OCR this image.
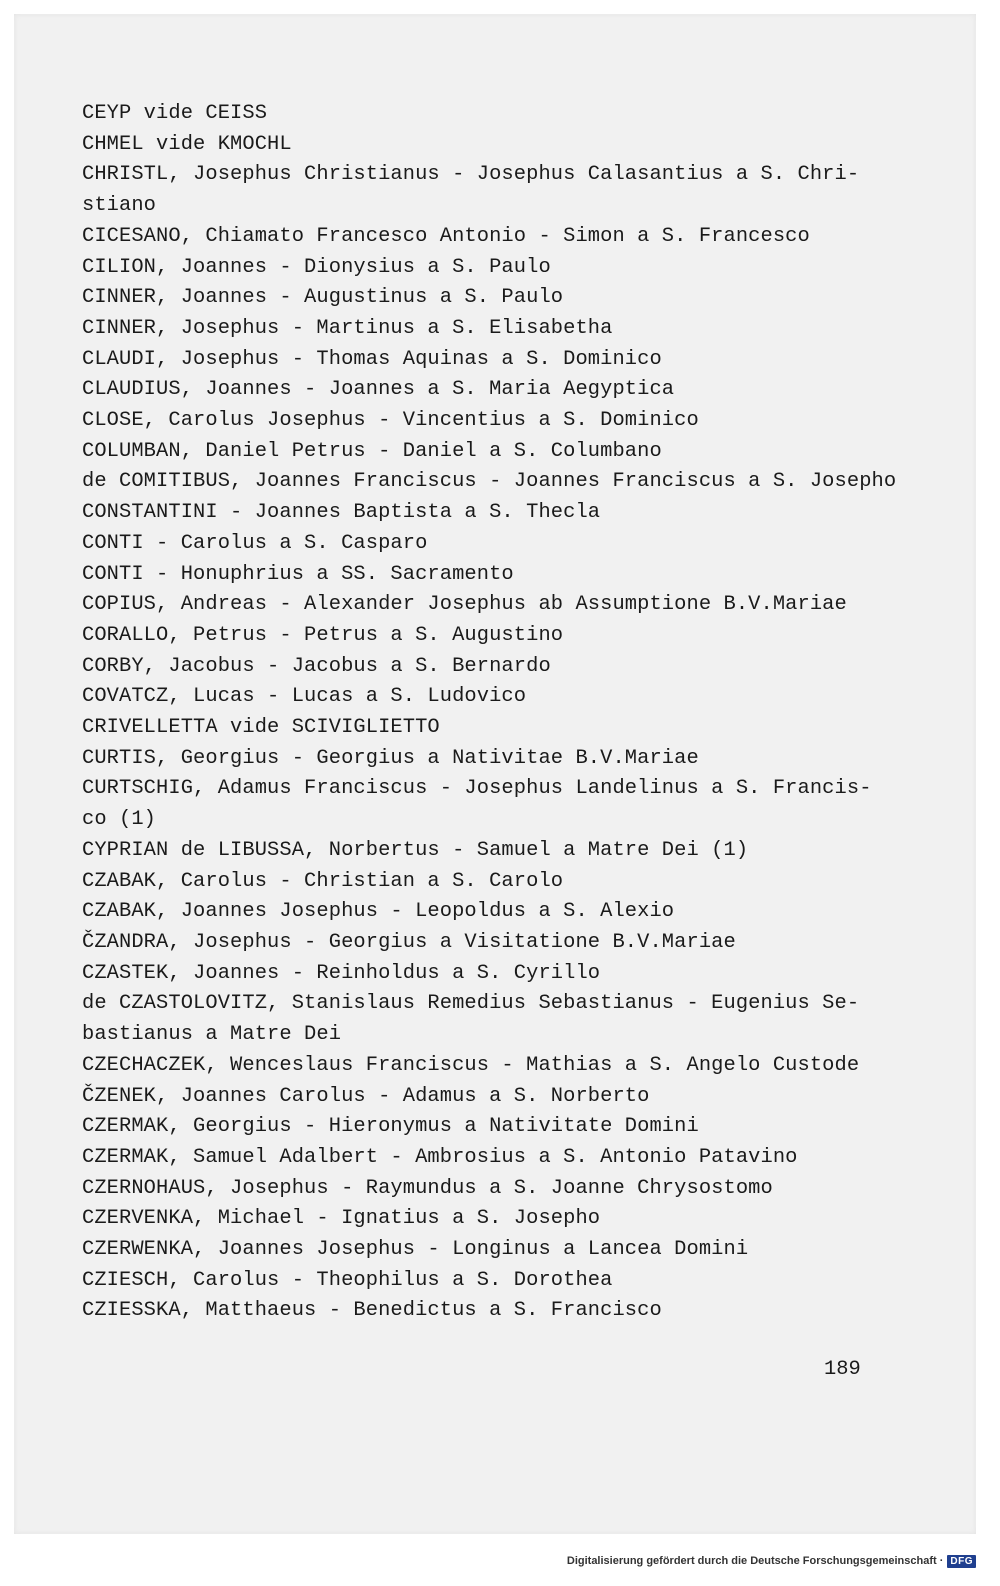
CEYP vide CEISS
CHMEL vide KMOCHL
CHRISTL, Josephus Christianus - Josephus Calasantius a S. Chri-
stiano
CICESANO, Chiamato Francesco Antonio - Simon a S. Francesco
CILION, Joannes - Dionysius a S. Paulo
CINNER, Joannes - Augustinus a S. Paulo
CINNER, Josephus - Martinus a S. Elisabetha
CLAUDI, Josephus - Thomas Aquinas a S. Dominico
CLAUDIUS, Joannes - Joannes a S. Maria Aegyptica
CLOSE, Carolus Josephus - Vincentius a S. Dominico
COLUMBAN, Daniel Petrus - Daniel a S. Columbano
de COMITIBUS, Joannes Franciscus - Joannes Franciscus a S. Josepho
CONSTANTINI - Joannes Baptista a S. Thecla
CONTI - Carolus a S. Casparo
CONTI - Honuphrius a SS. Sacramento
COPIUS, Andreas - Alexander Josephus ab Assumptione B.V.Mariae
CORALLO, Petrus - Petrus a S. Augustino
CORBY, Jacobus - Jacobus a S. Bernardo
COVATCZ, Lucas - Lucas a S. Ludovico
CRIVELLETTA vide SCIVIGLIETTO
CURTIS, Georgius - Georgius a Nativitae B.V.Mariae
CURTSCHIG, Adamus Franciscus - Josephus Landelinus a S. Francis-
co (1)
CYPRIAN de LIBUSSA, Norbertus - Samuel a Matre Dei (1)
CZABAK, Carolus - Christian a S. Carolo
CZABAK, Joannes Josephus - Leopoldus a S. Alexio
ČZANDRA, Josephus - Georgius a Visitatione B.V.Mariae
CZASTEK, Joannes - Reinholdus a S. Cyrillo
de CZASTOLOVITZ, Stanislaus Remedius Sebastianus - Eugenius Se-
bastianus a Matre Dei
CZECHACZEK, Wenceslaus Franciscus - Mathias a S. Angelo Custode
ČZENEK, Joannes Carolus - Adamus a S. Norberto
CZERMAK, Georgius - Hieronymus a Nativitate Domini
CZERMAK, Samuel Adalbert - Ambrosius a S. Antonio Patavino
CZERNOHAUS, Josephus - Raymundus a S. Joanne Chrysostomo
CZERVENKA, Michael - Ignatius a S. Josepho
CZERWENKA, Joannes Josephus - Longinus a Lancea Domini
CZIESCH, Carolus - Theophilus a S. Dorothea
CZIESSKA, Matthaeus - Benedictus a S. Francisco
189
Digitalisierung gefördert durch die Deutsche Forschungsgemeinschaft · DFG
